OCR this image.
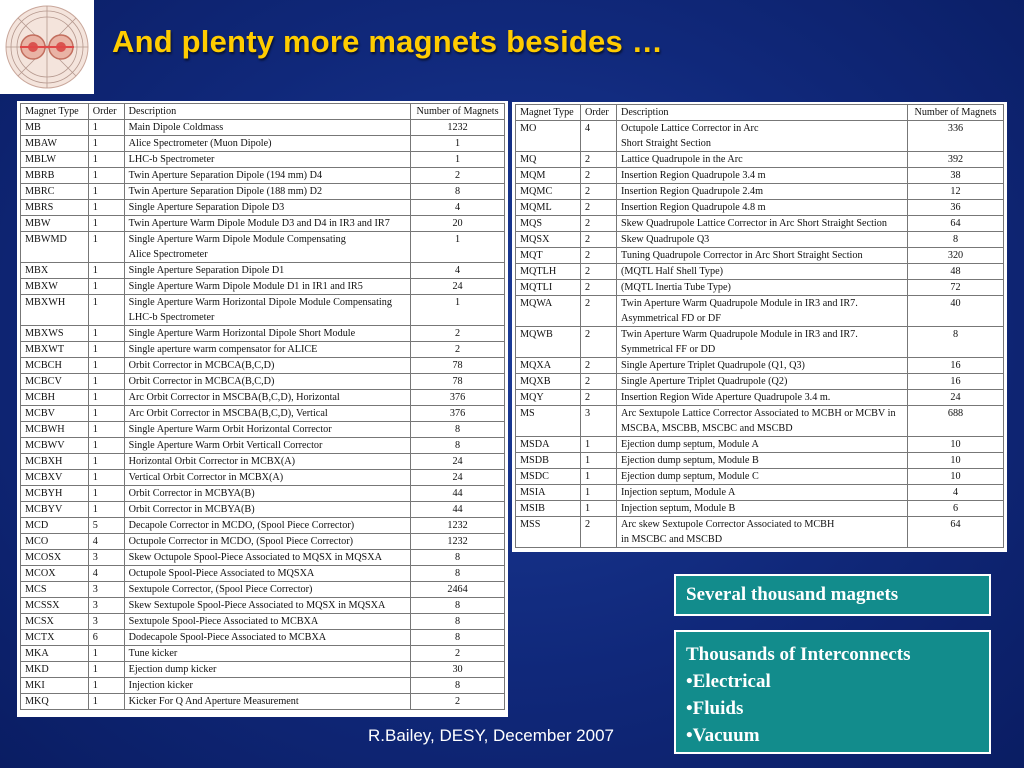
And plenty more magnets besides …
Magnet Type	Order	Description	Number of Magnets
MB	1	Main Dipole Coldmass	1232
MBAW	1	Alice Spectrometer (Muon Dipole)	1
MBLW	1	LHC-b Spectrometer	1
MBRB	1	Twin Aperture Separation Dipole (194 mm) D4	2
MBRC	1	Twin Aperture Separation Dipole (188 mm) D2	8
MBRS	1	Single Aperture Separation Dipole D3	4
MBW	1	Twin Aperture Warm Dipole Module D3 and D4 in IR3 and IR7	20
MBWMD	1	Single Aperture Warm Dipole Module Compensating
Alice Spectrometer	1
MBX	1	Single Aperture Separation Dipole D1	4
MBXW	1	Single Aperture Warm Dipole Module D1 in IR1 and IR5	24
MBXWH	1	Single Aperture Warm Horizontal Dipole Module Compensating
LHC-b Spectrometer	1
MBXWS	1	Single Aperture Warm Horizontal Dipole Short Module	2
MBXWT	1	Single aperture warm compensator for ALICE	2
MCBCH	1	Orbit Corrector in MCBCA(B,C,D)	78
MCBCV	1	Orbit Corrector in MCBCA(B,C,D)	78
MCBH	1	Arc Orbit Corrector in MSCBA(B,C,D), Horizontal	376
MCBV	1	Arc Orbit Corrector in MSCBA(B,C,D), Vertical	376
MCBWH	1	Single Aperture Warm Orbit Horizontal Corrector	8
MCBWV	1	Single Aperture Warm Orbit Verticall Corrector	8
MCBXH	1	Horizontal Orbit Corrector in MCBX(A)	24
MCBXV	1	Vertical Orbit Corrector in MCBX(A)	24
MCBYH	1	Orbit Corrector in MCBYA(B)	44
MCBYV	1	Orbit Corrector in MCBYA(B)	44
MCD	5	Decapole Corrector in MCDO, (Spool Piece Corrector)	1232
MCO	4	Octupole Corrector in MCDO, (Spool Piece Corrector)	1232
MCOSX	3	Skew Octupole Spool-Piece Associated to MQSX in MQSXA	8
MCOX	4	Octupole Spool-Piece Associated to MQSXA	8
MCS	3	Sextupole Corrector, (Spool Piece Corrector)	2464
MCSSX	3	Skew Sextupole Spool-Piece Associated to MQSX in MQSXA	8
MCSX	3	Sextupole Spool-Piece Associated to MCBXA	8
MCTX	6	Dodecapole Spool-Piece Associated to MCBXA	8
MKA	1	Tune kicker	2
MKD	1	Ejection dump kicker	30
MKI	1	Injection kicker	8
MKQ	1	Kicker For Q And Aperture Measurement	2
Magnet Type	Order	Description	Number of Magnets
MO	4	Octupole Lattice Corrector in Arc
Short Straight Section	336
MQ	2	Lattice Quadrupole in the Arc	392
MQM	2	Insertion Region Quadrupole 3.4 m	38
MQMC	2	Insertion Region Quadrupole 2.4m	12
MQML	2	Insertion Region Quadrupole 4.8 m	36
MQS	2	Skew Quadrupole Lattice Corrector in Arc Short Straight Section	64
MQSX	2	Skew Quadrupole Q3	8
MQT	2	Tuning Quadrupole Corrector in Arc Short Straight Section	320
MQTLH	2	(MQTL Half Shell Type)	48
MQTLI	2	(MQTL Inertia Tube Type)	72
MQWA	2	Twin Aperture Warm Quadrupole Module in IR3 and IR7.
Asymmetrical FD or DF	40
MQWB	2	Twin Aperture Warm Quadrupole Module in IR3 and IR7.
Symmetrical FF or DD	8
MQXA	2	Single Aperture Triplet Quadrupole (Q1, Q3)	16
MQXB	2	Single Aperture Triplet Quadrupole (Q2)	16
MQY	2	Insertion Region Wide Aperture Quadrupole 3.4 m.	24
MS	3	Arc Sextupole Lattice Corrector Associated to MCBH or MCBV in
MSCBA, MSCBB, MSCBC and MSCBD	688
MSDA	1	Ejection dump septum, Module A	10
MSDB	1	Ejection dump septum, Module B	10
MSDC	1	Ejection dump septum, Module C	10
MSIA	1	Injection septum, Module A	4
MSIB	1	Injection septum, Module B	6
MSS	2	Arc skew Sextupole Corrector Associated to MCBH
in MSCBC and MSCBD	64
Several thousand magnets
Thousands of Interconnects
•Electrical
•Fluids
•Vacuum
R.Bailey, DESY, December 2007
